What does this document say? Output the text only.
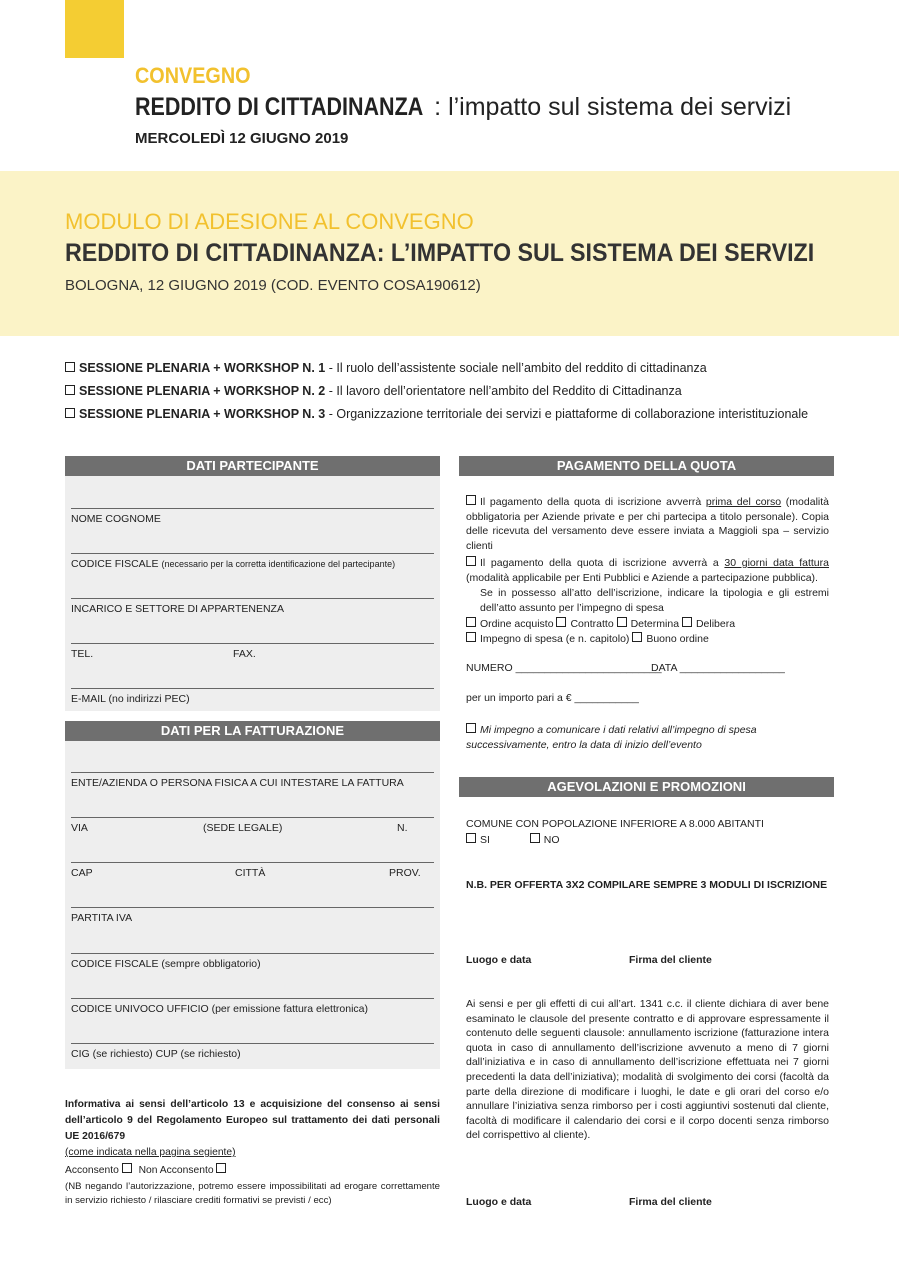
CONVEGNO
REDDITO DI CITTADINANZA : l’impatto sul sistema dei servizi
MERCOLEDÌ 12 GIUGNO 2019
MODULO DI ADESIONE AL CONVEGNO
REDDITO DI CITTADINANZA: L’IMPATTO SUL SISTEMA DEI SERVIZI
BOLOGNA, 12 GIUGNO 2019 (COD. EVENTO COSA190612)
SESSIONE PLENARIA + WORKSHOP N. 1 - Il ruolo dell’assistente sociale nell’ambito del reddito di cittadinanza
SESSIONE PLENARIA + WORKSHOP N. 2 - Il lavoro dell’orientatore nell’ambito del Reddito di Cittadinanza
SESSIONE PLENARIA + WORKSHOP N. 3 - Organizzazione territoriale dei servizi e piattaforme di collaborazione interistituzionale
DATI PARTECIPANTE
NOME COGNOME
CODICE FISCALE (necessario per la corretta identificazione del partecipante)
INCARICO E SETTORE DI APPARTENENZA
TEL.	FAX.
E-MAIL (no indirizzi PEC)
DATI PER LA FATTURAZIONE
ENTE/AZIENDA O PERSONA FISICA A CUI INTESTARE LA FATTURA
VIA	(SEDE LEGALE)	N.
CAP	CITTÀ	PROV.
PARTITA IVA
CODICE FISCALE (sempre obbligatorio)
CODICE UNIVOCO UFFICIO (per emissione fattura elettronica)
CIG (se richiesto) CUP (se richiesto)
Informativa ai sensi dell’articolo 13 e acquisizione del consenso ai sensi dell’articolo 9 del Regolamento Europeo sul trattamento dei dati personali UE 2016/679
(come indicata nella pagina segiente)
Acconsento Non Acconsento
(NB negando l’autorizzazione, potremo essere impossibilitati ad erogare correttamente in servizio richiesto / rilasciare crediti formativi se previsti / ecc)
PAGAMENTO DELLA QUOTA
Il pagamento della quota di iscrizione avverrà prima del corso (modalità obbligatoria per Aziende private e per chi partecipa a titolo personale). Copia delle ricevuta del versamento deve essere inviata a Maggioli spa – servizio clienti
Il pagamento della quota di iscrizione avverrà a 30 giorni data fattura (modalità applicabile per Enti Pubblici e Aziende a partecipazione pubblica).
Se in possesso all’atto dell’iscrizione, indicare la tipologia e gli estremi dell’atto assunto per l’impegno di spesa
Ordine acquisto Contratto Determina Delibera
Impegno di spesa (e n. capitolo) Buono ordine
NUMERO _________________________
DATA __________________
per un importo pari a € ___________
Mi impegno a comunicare i dati relativi all’impegno di spesa successivamente, entro la data di inizio dell’evento
AGEVOLAZIONI E PROMOZIONI
COMUNE CON POPOLAZIONE INFERIORE A 8.000 ABITANTI
SI	NO
N.B. PER OFFERTA 3X2 COMPILARE SEMPRE 3 MODULI DI ISCRIZIONE
Luogo e data	Firma del cliente
Ai sensi e per gli effetti di cui all’art. 1341 c.c. il cliente dichiara di aver bene esaminato le clausole del presente contratto e di approvare espressamente il contenuto delle seguenti clausole: annullamento iscrizione (fatturazione intera quota in caso di annullamento dell’iscrizione avvenuto a meno di 7 giorni dall’iniziativa e in caso di annullamento dell’iscrizione effettuata nei 7 giorni precedenti la data dell’iniziativa); modalità di svolgimento dei corsi (facoltà da parte della direzione di modificare i luoghi, le date e gli orari del corso e/o annullare l’iniziativa senza rimborso per i costi aggiuntivi sostenuti dal cliente, facoltà di modificare il calendario dei corsi e il corpo docenti senza rimborso del corrispettivo al cliente).
Luogo e data	Firma del cliente
